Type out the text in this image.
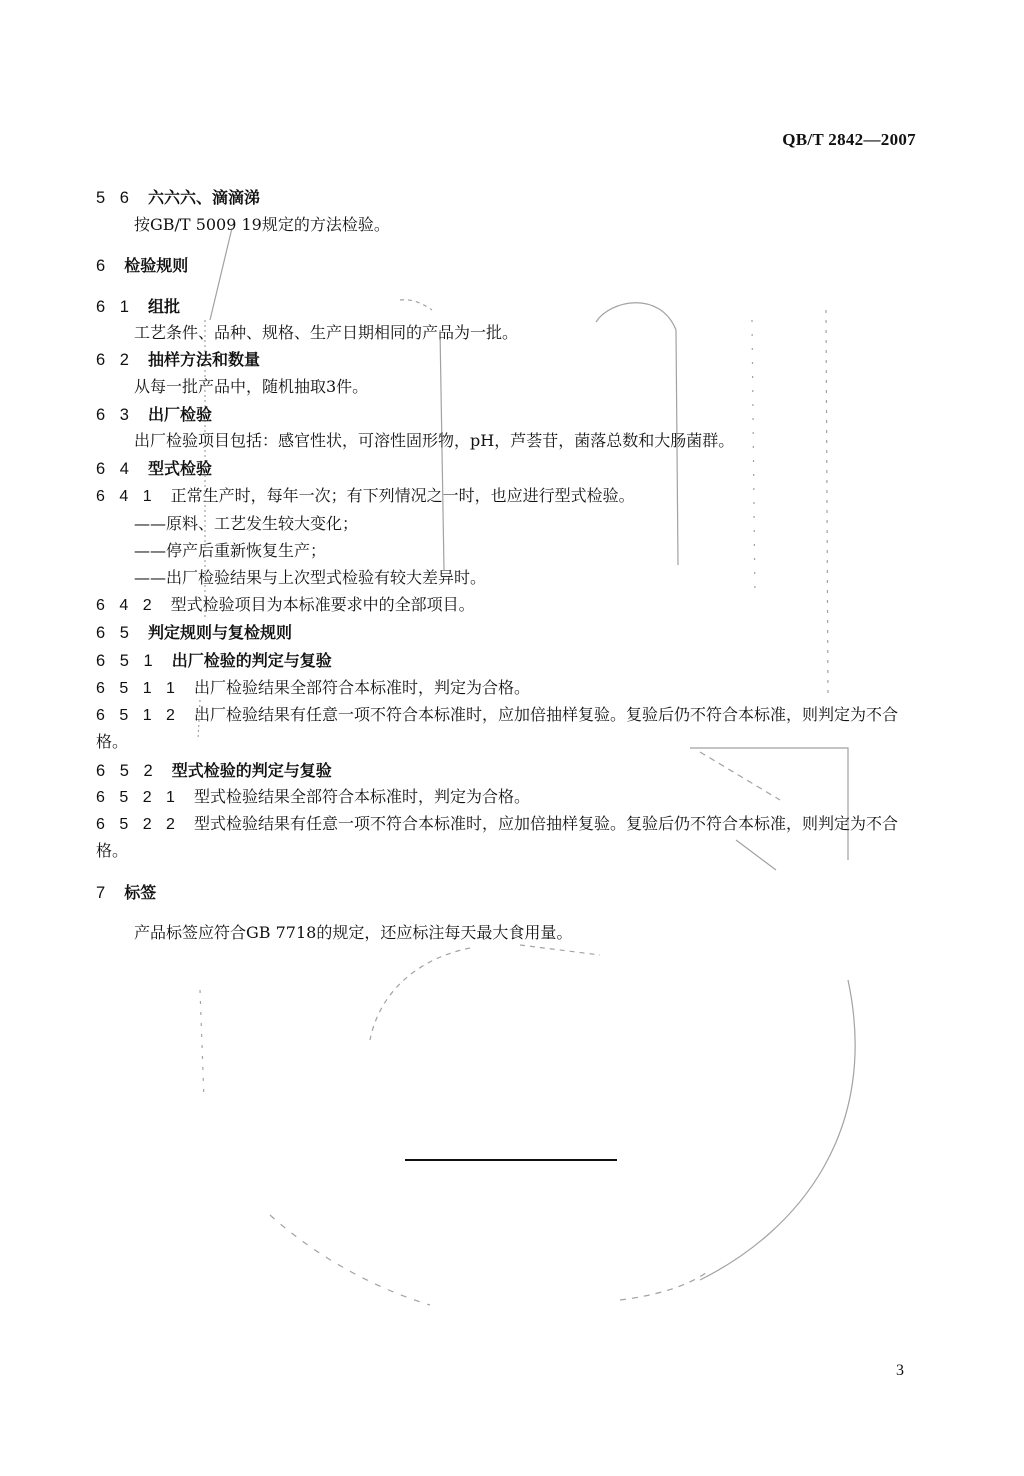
QB/T 2842—2007
5 6 六六六、滴滴涕
按GB/T 5009 19规定的方法检验。
6 检验规则
6 1 组批
工艺条件、品种、规格、生产日期相同的产品为一批。
6 2 抽样方法和数量
从每一批产品中，随机抽取3件。
6 3 出厂检验
出厂检验项目包括：感官性状，可溶性固形物，pH，芦荟苷，菌落总数和大肠菌群。
6 4 型式检验
6 4 1 正常生产时，每年一次；有下列情况之一时，也应进行型式检验。
——原料、工艺发生较大变化；
——停产后重新恢复生产；
——出厂检验结果与上次型式检验有较大差异时。
6 4 2 型式检验项目为本标准要求中的全部项目。
6 5 判定规则与复检规则
6 5 1 出厂检验的判定与复验
6 5 1 1 出厂检验结果全部符合本标准时，判定为合格。
6 5 1 2 出厂检验结果有任意一项不符合本标准时，应加倍抽样复验。复验后仍不符合本标准，则判定为不合格。
6 5 2 型式检验的判定与复验
6 5 2 1 型式检验结果全部符合本标准时，判定为合格。
6 5 2 2 型式检验结果有任意一项不符合本标准时，应加倍抽样复验。复验后仍不符合本标准，则判定为不合格。
7 标签
产品标签应符合GB 7718的规定，还应标注每天最大食用量。
3
